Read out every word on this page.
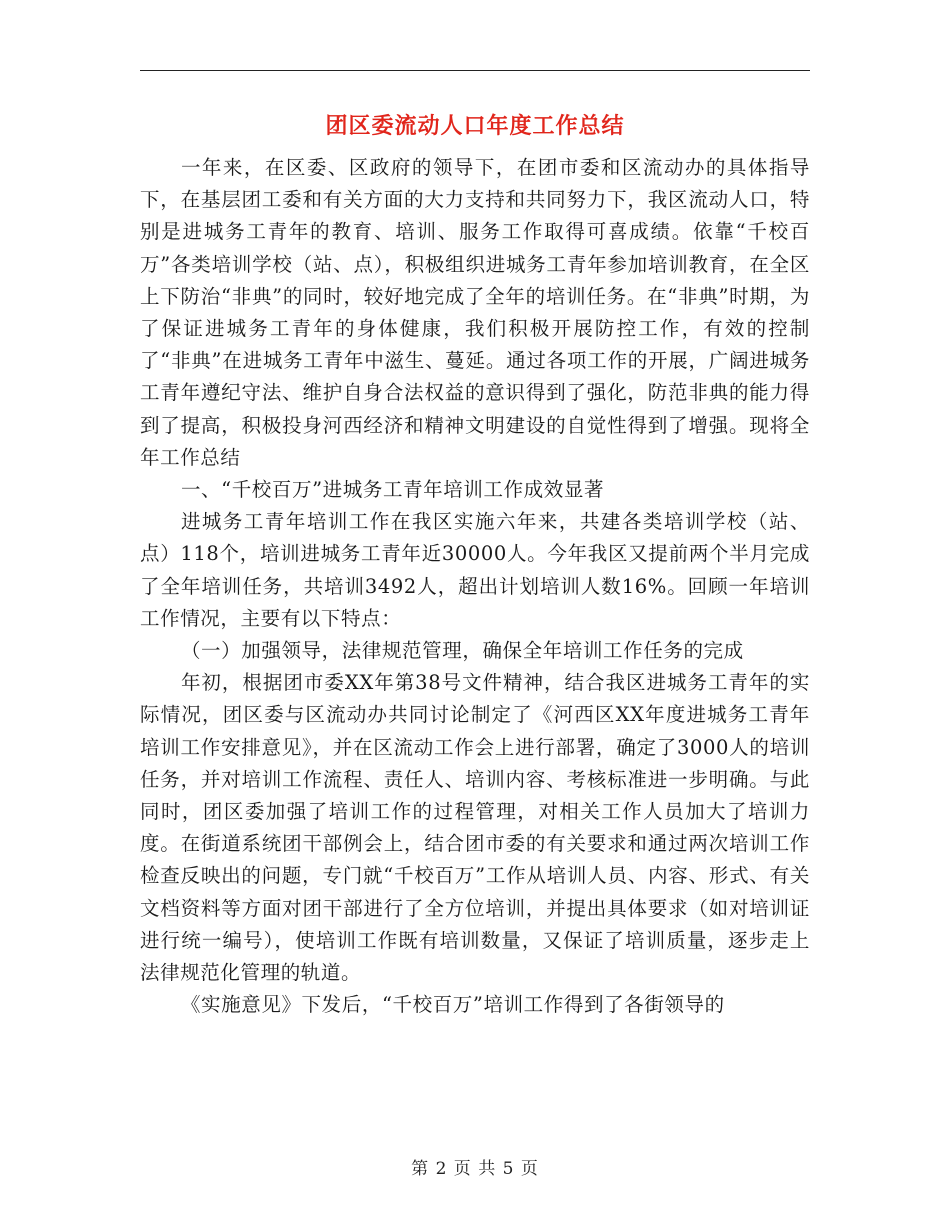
团区委流动人口年度工作总结

一年来，在区委、区政府的领导下，在团市委和区流动办的具体指导下，在基层团工委和有关方面的大力支持和共同努力下，我区流动人口，特别是进城务工青年的教育、培训、服务工作取得可喜成绩。依靠“千校百万”各类培训学校（站、点），积极组织进城务工青年参加培训教育，在全区上下防治“非典”的同时，较好地完成了全年的培训任务。在“非典”时期，为了保证进城务工青年的身体健康，我们积极开展防控工作，有效的控制了“非典”在进城务工青年中滋生、蔓延。通过各项工作的开展，广阔进城务工青年遵纪守法、维护自身合法权益的意识得到了强化，防范非典的能力得到了提高，积极投身河西经济和精神文明建设的自觉性得到了增强。现将全年工作总结

一、“千校百万”进城务工青年培训工作成效显著

进城务工青年培训工作在我区实施六年来，共建各类培训学校（站、点）118个，培训进城务工青年近30000人。今年我区又提前两个半月完成了全年培训任务，共培训3492人，超出计划培训人数16%。回顾一年培训工作情况，主要有以下特点：

（一）加强领导，法律规范管理，确保全年培训工作任务的完成

年初，根据团市委XX年第38号文件精神，结合我区进城务工青年的实际情况，团区委与区流动办共同讨论制定了《河西区XX年度进城务工青年培训工作安排意见》，并在区流动工作会上进行部署，确定了3000人的培训任务，并对培训工作流程、责任人、培训内容、考核标准进一步明确。与此同时，团区委加强了培训工作的过程管理，对相关工作人员加大了培训力度。在街道系统团干部例会上，结合团市委的有关要求和通过两次培训工作检查反映出的问题，专门就“千校百万”工作从培训人员、内容、形式、有关文档资料等方面对团干部进行了全方位培训，并提出具体要求（如对培训证进行统一编号），使培训工作既有培训数量，又保证了培训质量，逐步走上法律规范化管理的轨道。

《实施意见》下发后，“千校百万”培训工作得到了各街领导的

第 2 页 共 5 页
